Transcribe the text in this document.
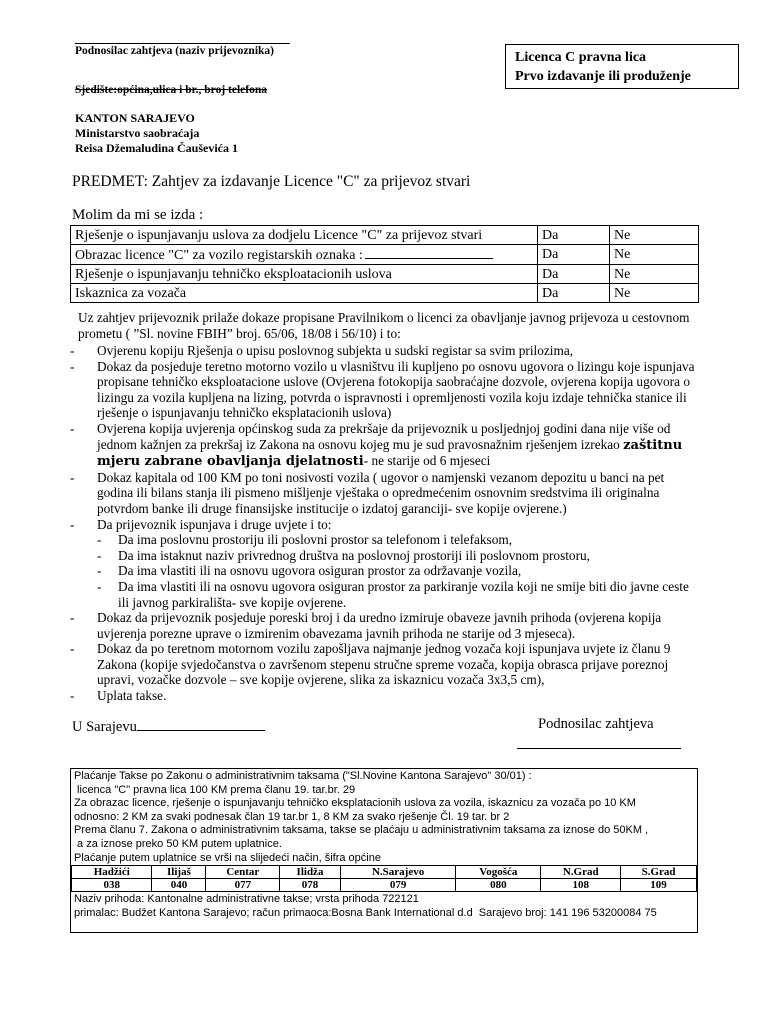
Podnosilac zahtjeva (naziv prijevoznika)
Sjedište:općina,ulica i br., broj telefona
Licenca C pravna lica
Prvo izdavanje ili produženje
KANTON SARAJEVO
Ministarstvo saobraćaja
Reisa Džemaludina Čauševića 1
PREDMET: Zahtjev za izdavanje Licence "C" za prijevoz stvari
Molim da mi se izda :
Rješenje o ispunjavanju uslova za dodjelu Licence "C" za prijevoz stvari	Da	Ne
Obrazac licence "C" za vozilo registarskih oznaka :	Da	Ne
Rješenje o ispunjavanju tehničko eksploatacionih uslova	Da	Ne
Iskaznica za vozača	Da	Ne
Uz zahtjev prijevoznik prilaže dokaze propisane Pravilnikom o licenci za obavljanje javnog prijevoza u cestovnom prometu ( ”Sl. novine FBIH” broj. 65/06, 18/08 i 56/10) i to:
- Ovjerenu kopiju Rješenja o upisu poslovnog subjekta u sudski registar sa svim prilozima,
- Dokaz da posjeduje teretno motorno vozilo u vlasništvu ili kupljeno po osnovu ugovora o lizingu koje ispunjava propisane tehničko eksploatacione uslove (Ovjerena fotokopija saobraćajne dozvole, ovjerena kopija ugovora o lizingu za vozila kupljena na lizing, potvrda o ispravnosti i opremljenosti vozila koju izdaje tehnička stanice ili rješenje o ispunjavanju tehničko eksplatacionih uslova)
- Ovjerena kopija uvjerenja općinskog suda za prekršaje da prijevoznik u posljednjoj godini dana nije više od jednom kažnjen za prekršaj iz Zakona na osnovu kojeg mu je sud pravosnažnim rješenjem izrekao zaštitnu mjeru zabrane obavljanja djelatnosti- ne starije od 6 mjeseci
- Dokaz kapitala od 100 KM po toni nosivosti vozila ( ugovor o namjenski vezanom depozitu u banci na pet godina ili bilans stanja ili pismeno mišljenje vještaka o opredmećenim osnovnim sredstvima ili originalna potvrdom banke ili druge finansijske institucije o izdatoj garanciji- sve kopije ovjerene.)
- Da prijevoznik ispunjava i druge uvjete i to:
- Da ima poslovnu prostoriju ili poslovni prostor sa telefonom i telefaksom,
- Da ima istaknut naziv privrednog društva na poslovnoj prostoriji ili poslovnom prostoru,
- Da ima vlastiti ili na osnovu ugovora osiguran prostor za održavanje vozila,
- Da ima vlastiti ili na osnovu ugovora osiguran prostor za parkiranje vozila koji ne smije biti dio javne ceste ili javnog parkirališta- sve kopije ovjerene.
- Dokaz da prijevoznik posjeduje poreski broj i da uredno izmiruje obaveze javnih prihoda (ovjerena kopija uvjerenja porezne uprave o izmirenim obavezama javnih prihoda ne starije od 3 mjeseca).
- Dokaz da po teretnom motornom vozilu zapošljava najmanje jednog vozača koji ispunjava uvjete iz članu 9 Zakona (kopije svjedočanstva o završenom stepenu stručne spreme vozača, kopija obrasca prijave poreznoj upravi, vozačke dozvole – sve kopije ovjerene, slika za iskaznicu vozača 3x3,5 cm),
- Uplata takse.
U Sarajevu	Podnosilac zahtjeva
Plaćanje Takse po Zakonu o administrativnim taksama ("Sl.Novine Kantona Sarajevo" 30/01) :
licenca "C" pravna lica 100 KM prema članu 19. tar.br. 29
Za obrazac licence, rješenje o ispunjavanju tehničko eksplatacionih uslova za vozila, iskaznicu za vozača po 10 KM
odnosno: 2 KM za svaki podnesak član 19 tar.br 1, 8 KM za svako rješenje Čl. 19 tar. br 2
Prema članu 7. Zakona o administrativnim taksama, takse se plaćaju u administrativnim taksama za iznose do 50KM ,
a za iznose preko 50 KM putem uplatnice.
Plaćanje putem uplatnice se vrši na slijedeći način, šifra općine
Hadžići	Ilijaš	Centar	Ilidža	N.Sarajevo	Vogošća	N.Grad	S.Grad
038	040	077	078	079	080	108	109
Naziv prihoda: Kantonalne administrativne takse; vrsta prihoda 722121
primalac: Budžet Kantona Sarajevo; račun primaoca:Bosna Bank International d.d  Sarajevo broj: 141 196 53200084 75
